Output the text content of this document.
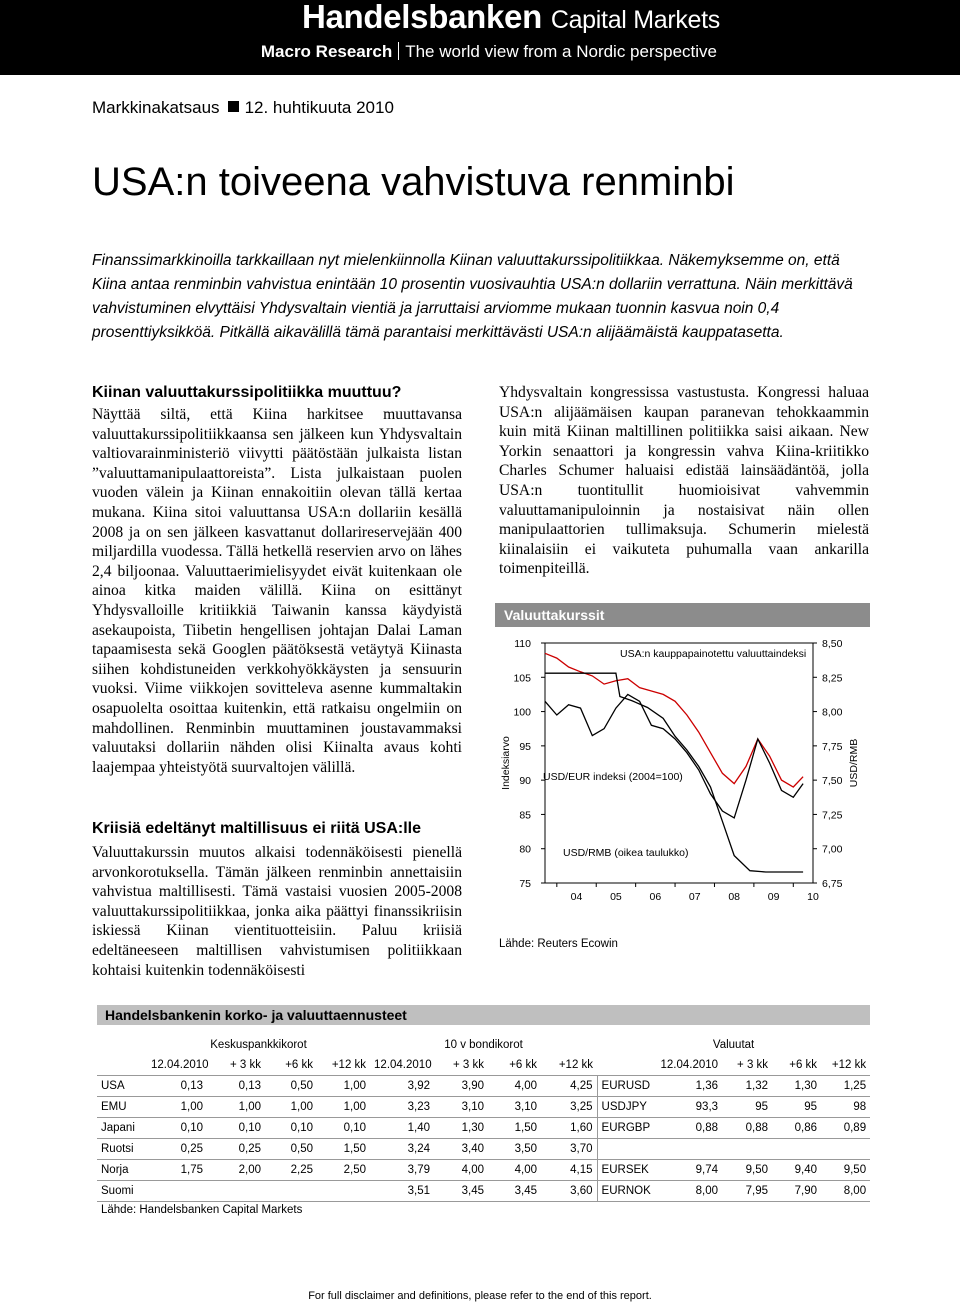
Handelsbanken Capital Markets
Macro Research The world view from a Nordic perspective
Markkinakatsaus 12. huhtikuuta 2010
USA:n toiveena vahvistuva renminbi
Finanssimarkkinoilla tarkkaillaan nyt mielenkiinnolla Kiinan valuuttakurssipolitiikkaa. Näkemyksemme on, että Kiina antaa renminbin vahvistua enintään 10 prosentin vuosivauhtia USA:n dollariin verrattuna. Näin merkittävä vahvistuminen elvyttäisi Yhdysvaltain vientiä ja jarruttaisi arviomme mukaan tuonnin kasvua noin 0,4 prosenttiyksikköä. Pitkällä aikavälillä tämä parantaisi merkittävästi USA:n alijäämäistä kauppatasetta.
Kiinan valuuttakurssipolitiikka muuttuu?
Näyttää siltä, että Kiina harkitsee muuttavansa valuuttakurssipolitiikkaansa sen jälkeen kun Yhdysvaltain valtiovarainministeriö viivytti päätöstään julkaista listan ”valuuttamanipulaattoreista”. Lista julkaistaan puolen vuoden välein ja Kiinan ennakoitiin olevan tällä kertaa mukana. Kiina sitoi valuuttansa USA:n dollariin kesällä 2008 ja on sen jälkeen kasvattanut dollarireservejään 400 miljardilla vuodessa. Tällä hetkellä reservien arvo on lähes 2,4 biljoonaa. Valuuttaerimielisyydet eivät kuitenkaan ole ainoa kitka maiden välillä. Kiina on esittänyt Yhdysvalloille kritiikkiä Taiwanin kanssa käydyistä asekaupoista, Tiibetin hengellisen johtajan Dalai Laman tapaamisesta sekä Googlen päätöksestä vetäytyä Kiinasta siihen kohdistuneiden verkkohyökkäysten ja sensuurin vuoksi. Viime viikkojen sovitteleva asenne kummaltakin osapuolelta osoittaa kuitenkin, että ratkaisu ongelmiin on mahdollinen. Renminbin muuttaminen joustavammaksi valuutaksi dollariin nähden olisi Kiinalta avaus kohti laajempaa yhteistyötä suurvaltojen välillä.
Kriisiä edeltänyt maltillisuus ei riitä USA:lle
Valuuttakurssin muutos alkaisi todennäköisesti pienellä arvonkorotuksella. Tämän jälkeen renminbin annettaisiin vahvistua maltillisesti. Tämä vastaisi vuosien 2005-2008 valuuttakurssipolitiikkaa, jonka aika päättyi finanssikriisin iskiessä Kiinan vientituotteisiin. Paluu kriisiä edeltäneeseen maltillisen vahvistumisen politiikkaan kohtaisi kuitenkin todennäköisesti
Yhdysvaltain kongressissa vastustusta. Kongressi haluaa USA:n alijäämäisen kaupan paranevan tehokkaammin kuin mitä Kiinan maltillinen politiikka saisi aikaan. New Yorkin senaattori ja kongressin vahva Kiina-kriitikko Charles Schumer haluaisi edistää lainsäädäntöä, jolla USA:n tuontitullit huomioisivat vahvemmin valuuttamanipuloinnin ja nostaisivat näin ollen manipulaattorien tullimaksuja. Schumerin mielestä kiinalaisiin ei vaikuteta puhumalla vaan ankarilla toimenpiteillä.
Valuuttakurssit
75
80
85
90
95
100
105
110
6,75
7,00
7,25
7,50
7,75
8,00
8,25
8,50
04	05	06	07	08	09	10
Indeksiarvo	USD/RMB
USA:n kauppapainotettu valuuttaindeksi
USD/EUR indeksi (2004=100)
USD/RMB (oikea taulukko)
Lähde: Reuters Ecowin
Handelsbankenin korko- ja valuuttaennusteet
	Keskuspankkikorot				10 v bondikorot				Valuutat				
	12.04.2010	+ 3 kk	+6 kk	+12 kk	12.04.2010	+ 3 kk	+6 kk	+12 kk		12.04.2010	+ 3 kk	+6 kk	+12 kk
USA	0,13	0,13	0,50	1,00	3,92	3,90	4,00	4,25	EURUSD	1,36	1,32	1,30	1,25
EMU	1,00	1,00	1,00	1,00	3,23	3,10	3,10	3,25	USDJPY	93,3	95	95	98
Japani	0,10	0,10	0,10	0,10	1,40	1,30	1,50	1,60	EURGBP	0,88	0,88	0,86	0,89
Ruotsi	0,25	0,25	0,50	1,50	3,24	3,40	3,50	3,70					
Norja	1,75	2,00	2,25	2,50	3,79	4,00	4,00	4,15	EURSEK	9,74	9,50	9,40	9,50
Suomi					3,51	3,45	3,45	3,60	EURNOK	8,00	7,95	7,90	8,00
Lähde: Handelsbanken Capital Markets
For full disclaimer and definitions, please refer to the end of this report.
